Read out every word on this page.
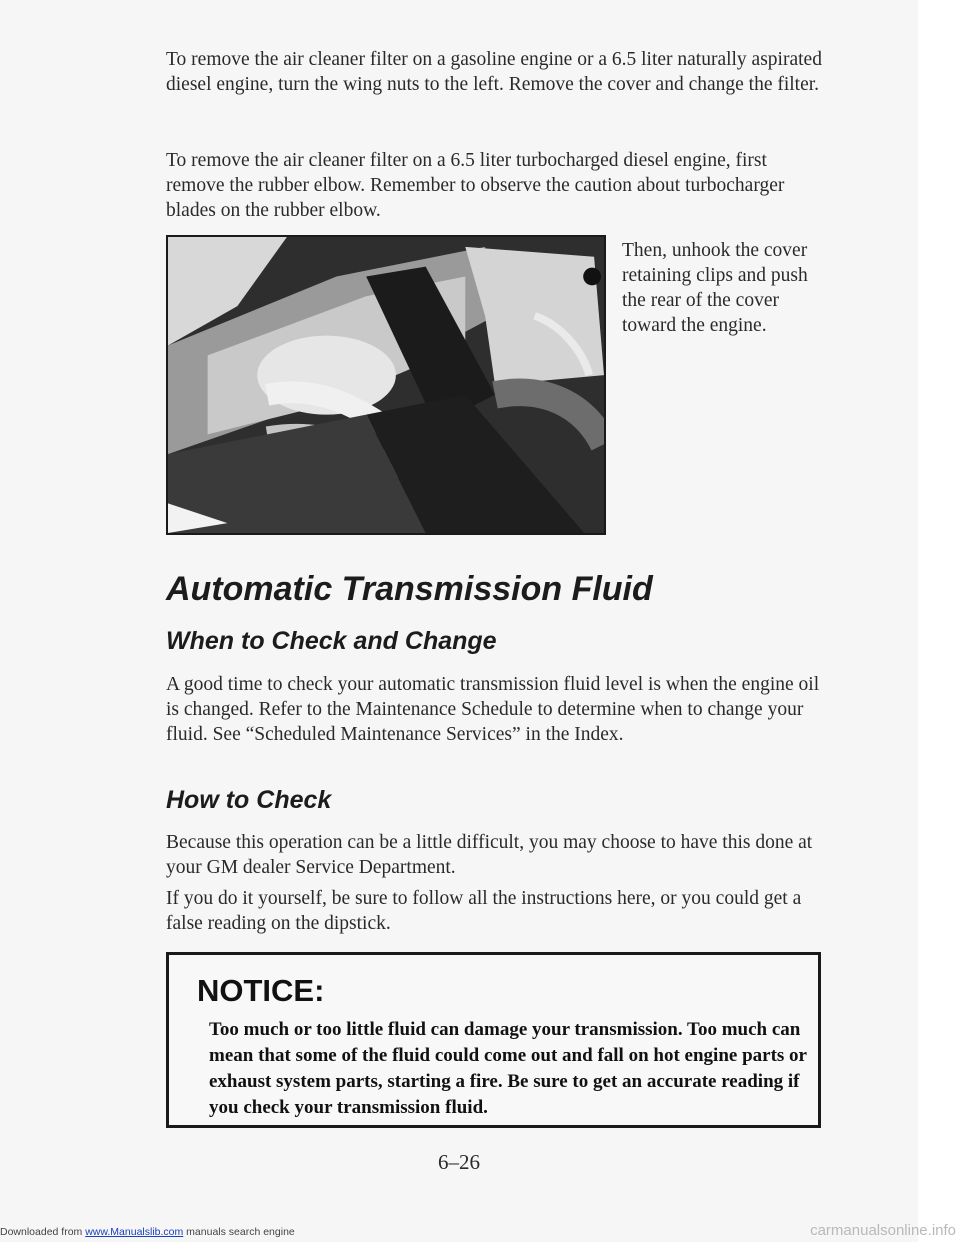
To remove the air cleaner filter on a gasoline engine or a 6.5 liter naturally aspirated diesel engine, turn the wing nuts to the left. Remove the cover and change the filter.

To remove the air cleaner filter on a 6.5 liter turbocharged diesel engine, first remove the rubber elbow. Remember to observe the caution about turbocharger blades on the rubber elbow.

Then, unhook the cover retaining clips and push the rear of the cover toward the engine.

Automatic Transmission Fluid
When to Check and Change

A good time to check your automatic transmission fluid level is when the engine oil is changed. Refer to the Maintenance Schedule to determine when to change your fluid. See “Scheduled Maintenance Services” in the Index.

How to Check

Because this operation can be a little difficult, you may choose to have this done at your GM dealer Service Department.

If you do it yourself, be sure to follow all the instructions here, or you could get a false reading on the dipstick.

NOTICE:

Too much or too little fluid can damage your transmission. Too much can mean that some of the fluid could come out and fall on hot engine parts or exhaust system parts, starting a fire. Be sure to get an accurate reading if you check your transmission fluid.

6–26

Downloaded from www.Manualslib.com manuals search engine	carmanualsonline.info
